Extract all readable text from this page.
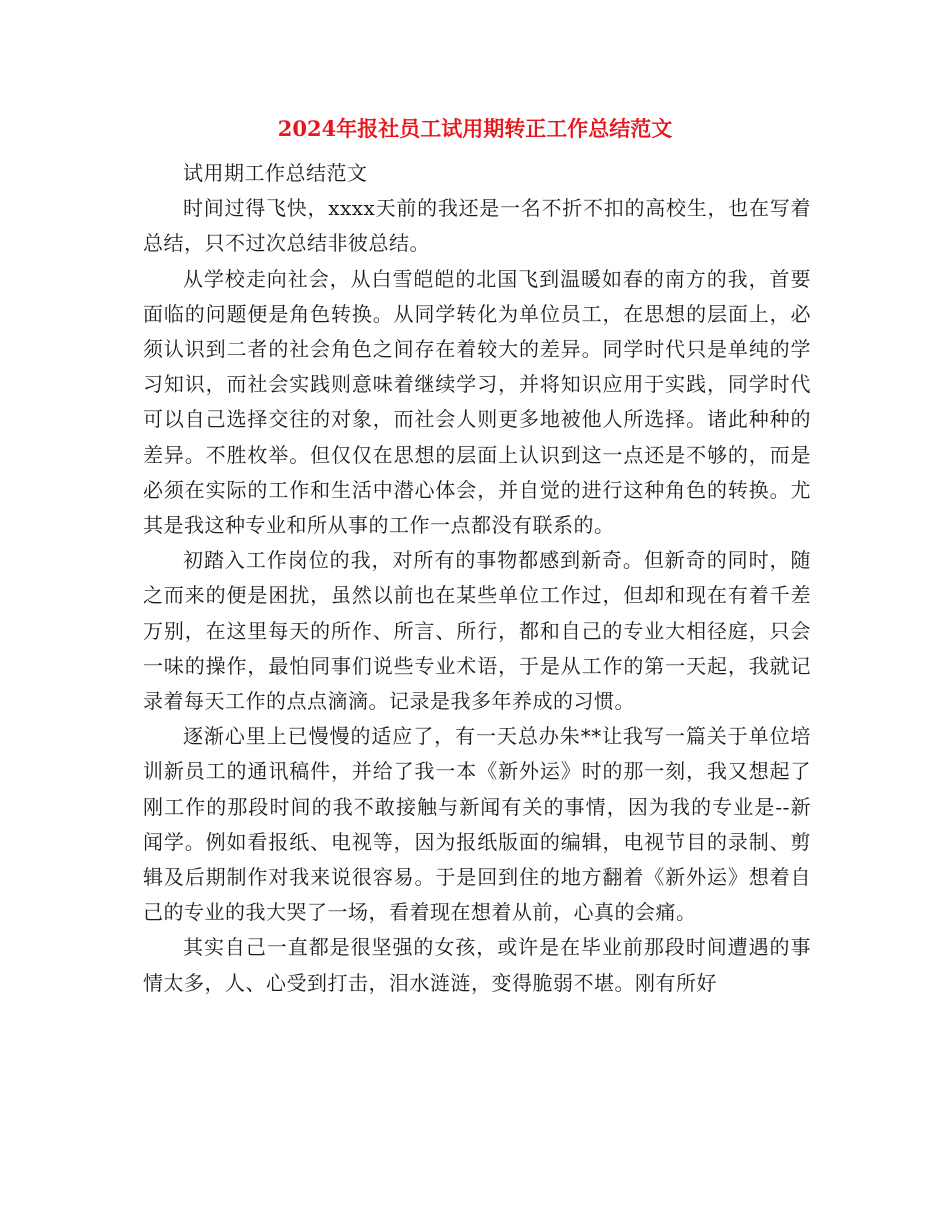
2024年报社员工试用期转正工作总结范文

试用期工作总结范文

时间过得飞快，xxxx天前的我还是一名不折不扣的高校生，也在写着总结，只不过次总结非彼总结。

从学校走向社会，从白雪皑皑的北国飞到温暖如春的南方的我，首要面临的问题便是角色转换。从同学转化为单位员工，在思想的层面上，必须认识到二者的社会角色之间存在着较大的差异。同学时代只是单纯的学习知识，而社会实践则意味着继续学习，并将知识应用于实践，同学时代可以自己选择交往的对象，而社会人则更多地被他人所选择。诸此种种的差异。不胜枚举。但仅仅在思想的层面上认识到这一点还是不够的，而是必须在实际的工作和生活中潜心体会，并自觉的进行这种角色的转换。尤其是我这种专业和所从事的工作一点都没有联系的。

初踏入工作岗位的我，对所有的事物都感到新奇。但新奇的同时，随之而来的便是困扰，虽然以前也在某些单位工作过，但却和现在有着千差万别，在这里每天的所作、所言、所行，都和自己的专业大相径庭，只会一味的操作，最怕同事们说些专业术语，于是从工作的第一天起，我就记录着每天工作的点点滴滴。记录是我多年养成的习惯。

逐渐心里上已慢慢的适应了，有一天总办朱**让我写一篇关于单位培训新员工的通讯稿件，并给了我一本《新外运》时的那一刻，我又想起了刚工作的那段时间的我不敢接触与新闻有关的事情，因为我的专业是--新闻学。例如看报纸、电视等，因为报纸版面的编辑，电视节目的录制、剪辑及后期制作对我来说很容易。于是回到住的地方翻着《新外运》想着自己的专业的我大哭了一场，看着现在想着从前，心真的会痛。

其实自己一直都是很坚强的女孩，或许是在毕业前那段时间遭遇的事情太多，人、心受到打击，泪水涟涟，变得脆弱不堪。刚有所好
